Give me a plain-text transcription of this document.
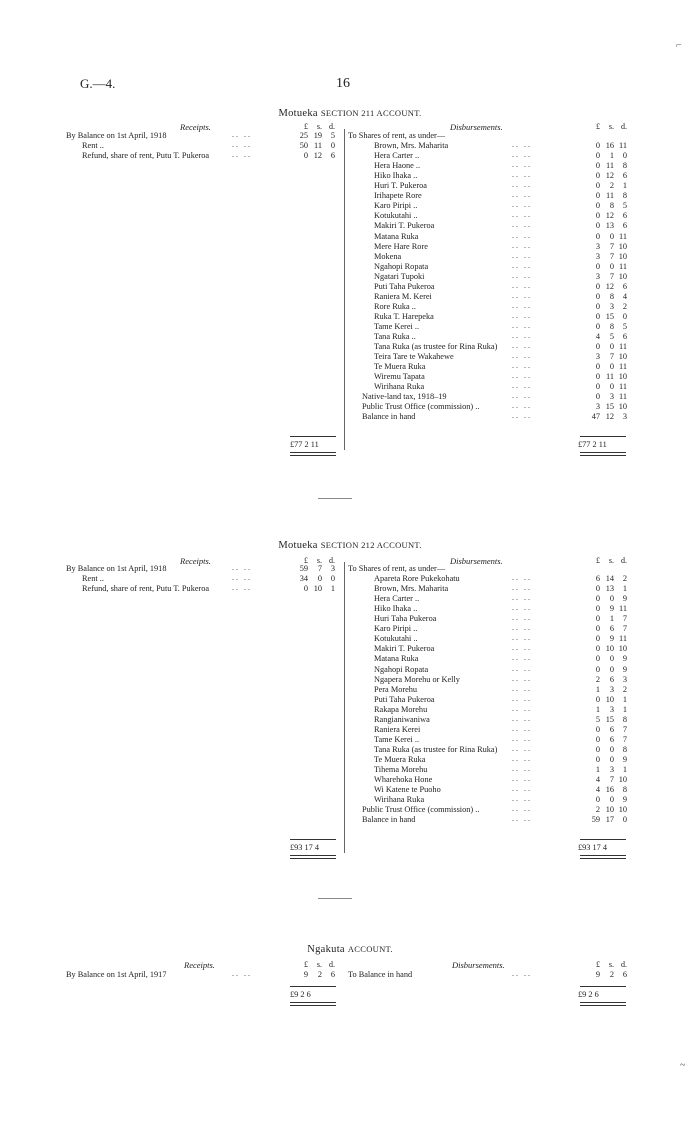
G.—4.	16
Motueka SECTION 211 ACCOUNT.
Receipts.	Disbursements.
£ s. d.	£ s. d.
By Balance on 1st April, 1918	.. ..	25 19 5
Rent ..	.. ..	50 11 0
Refund, share of rent, Putu T. Pukeroa	.. ..	0 12 6
To Shares of rent, as under—
Brown, Mrs. Maharita	.. ..	0 16 11
Hera Carter ..	.. ..	0 1 0
Hera Haone ..	.. ..	0 11 8
Hiko Ihaka ..	.. ..	0 12 6
Huri T. Pukeroa	.. ..	0 2 1
Irihapete Rore	.. ..	0 11 8
Karo Piripi ..	.. ..	0 8 5
Kotukutahi ..	.. ..	0 12 6
Makiri T. Pukeroa	.. ..	0 13 6
Matana Ruka	.. ..	0 0 11
Mere Hare Rore	.. ..	3 7 10
Mokena	.. ..	3 7 10
Ngahopi Ropata	.. ..	0 0 11
Ngatari Tupoki	.. ..	3 7 10
Puti Taha Pukeroa	.. ..	0 12 6
Raniera M. Kerei	.. ..	0 8 4
Rore Ruka ..	.. ..	0 3 2
Ruka T. Harepeka	.. ..	0 15 0
Tame Kerei ..	.. ..	0 8 5
Tana Ruka ..	.. ..	4 5 6
Tana Ruka (as trustee for Rina Ruka) .. ..	0 0 11
Teira Tare te Wakahewe	.. ..	3 7 10
Te Muera Ruka	.. ..	0 0 11
Wiremu Tapata	.. ..	0 11 10
Wirihana Ruka	.. ..	0 0 11
Native-land tax, 1918–19	.. ..	0 3 11
Public Trust Office (commission) ..	.. ..	3 15 10
Balance in hand	.. ..	47 12 3
£77 2 11	£77 2 11
Motueka SECTION 212 ACCOUNT.
Receipts.	Disbursements.
£ s. d.	£ s. d.
By Balance on 1st April, 1918	.. ..	59 7 3
Rent ..	.. ..	34 0 0
Refund, share of rent, Putu T. Pukeroa	.. ..	0 10 1
To Shares of rent, as under—
Apareta Rore Pukekohatu	.. ..	6 14 2
Brown, Mrs. Maharita	.. ..	0 13 1
Hera Carter ..	.. ..	0 0 9
Hiko Ihaka ..	.. ..	0 9 11
Huri Taha Pukeroa	.. ..	0 1 7
Karo Piripi ..	.. ..	0 6 7
Kotukutahi ..	.. ..	0 9 11
Makiri T. Pukeroa	.. ..	0 10 10
Matana Ruka	.. ..	0 0 9
Ngahopi Ropata	.. ..	0 0 9
Ngapera Morehu or Kelly	.. ..	2 6 3
Pera Morehu	.. ..	1 3 2
Puti Taha Pukeroa	.. ..	0 10 1
Rakapa Morehu	.. ..	1 3 1
Rangianiwaniwa	.. ..	5 15 8
Raniera Kerei	.. ..	0 6 7
Tame Kerei ..	.. ..	0 6 7
Tana Ruka (as trustee for Rina Ruka) .. ..	0 0 8
Te Muera Ruka	.. ..	0 0 9
Tihema Morehu	.. ..	1 3 1
Wharehoka Hone	.. ..	4 7 10
Wi Katene te Puoho	.. ..	4 16 8
Wirihana Ruka	.. ..	0 0 9
Public Trust Office (commission) ..	.. ..	2 10 10
Balance in hand	.. ..	59 17 0
£93 17 4	£93 17 4
Ngakuta ACCOUNT.
Receipts.	Disbursements.
£ s. d.	£ s. d.
By Balance on 1st April, 1917	.. ..	9 2 6 To Balance in hand	.. ..	9 2 6
£9 2 6	£9 2 6
⌐
~
